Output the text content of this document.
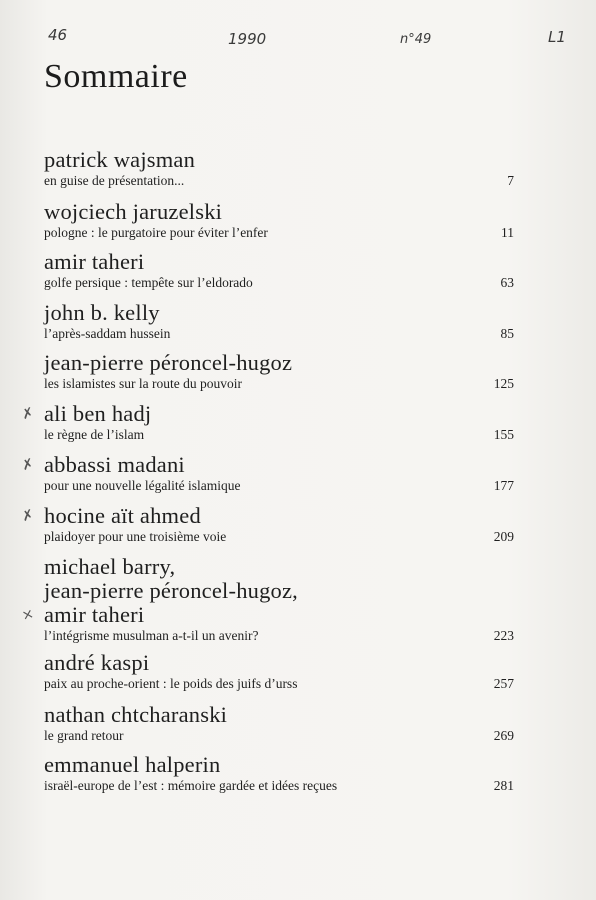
46	1990	n°49	L1
Sommaire
patrick wajsman
en guise de présentation...	7
wojciech jaruzelski
pologne : le purgatoire pour éviter l’enfer	11
amir taheri
golfe persique : tempête sur l’eldorado	63
john b. kelly
l’après-saddam hussein	85
jean-pierre péroncel-hugoz
les islamistes sur la route du pouvoir	125
✗ ali ben hadj
le règne de l’islam	155
✗ abbassi madani
pour une nouvelle légalité islamique	177
✗ hocine aït ahmed
plaidoyer pour une troisième voie	209
⨯
michael barry,
jean-pierre péroncel-hugoz,
amir taheri
l’intégrisme musulman a-t-il un avenir?	223
andré kaspi
paix au proche-orient : le poids des juifs d’urss	257
nathan chtcharanski
le grand retour	269
emmanuel halperin
israël-europe de l’est : mémoire gardée et idées reçues	281
